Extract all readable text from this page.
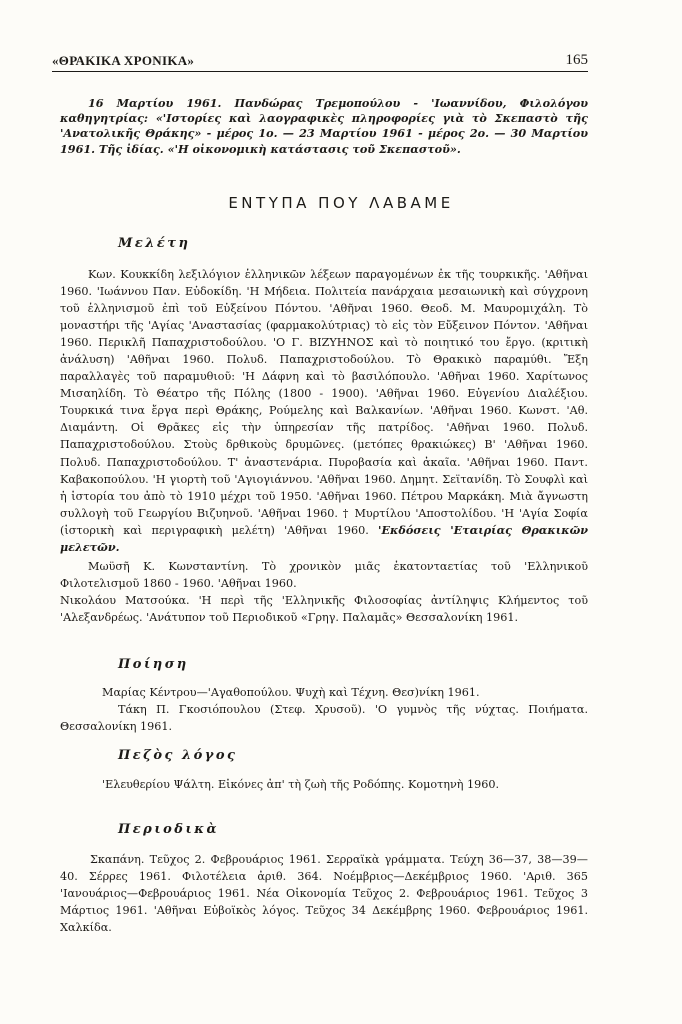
«ΘΡΑΚΙΚΑ ΧΡΟΝΙΚΑ»	165

16 Μαρτίου 1961. Πανδώρας Τρεμοπούλου - 'Ιωαννίδου, Φιλολόγου καθηγητρίας: «'Ιστορίες καὶ λαογραφικὲς πληροφορίες γιὰ τὸ Σκεπαστὸ τῆς 'Ανατολικῆς Θράκης» - μέρος 1ο. — 23 Μαρτίου 1961 - μέρος 2ο. — 30 Μαρτίου 1961. Τῆς ἰδίας. «'Η οἰκονομικὴ κατάστασις τοῦ Σκεπαστοῦ».

ΕΝΤΥΠΑ ΠΟΥ ΛΑΒΑΜΕ
Μελέτη

Κων. Κουκκίδη λεξιλόγιον ἑλληνικῶν λέξεων παραγομένων ἐκ τῆς τουρκικῆς. 'Αθῆναι 1960. 'Ιωάννου Παν. Εὐδοκίδη. 'Η Μήδεια. Πολιτεία πανάρχαια μεσαιωνικὴ καὶ σύγχρονη τοῦ ἑλληνισμοῦ ἐπὶ τοῦ Εὐξείνου Πόντου. 'Αθῆναι 1960. Θεοδ. Μ. Μαυρομιχάλη. Τὸ μοναστήρι τῆς 'Αγίας 'Αναστασίας (φαρμακολύτριας) τὸ εἰς τὸν Εὔξεινον Πόντον. 'Αθῆναι 1960. Περικλῆ Παπαχριστοδούλου. 'Ο Γ. ΒΙΖΥΗΝΟΣ καὶ τὸ ποιητικό του ἔργο. (κριτικὴ ἀνάλυση) 'Αθῆναι 1960. Πολυδ. Παπαχριστοδούλου. Τὸ Θρακικὸ παραμύθι. Ἔξη παραλλαγὲς τοῦ παραμυθιοῦ: 'Η Δάφνη καὶ τὸ βασιλόπουλο. 'Αθῆναι 1960. Χαρίτωνος Μισαηλίδη. Τὸ Θέατρο τῆς Πόλης (1800 - 1900). 'Αθῆναι 1960. Εὐγενίου Διαλέξιου. Τουρκικά τινα ἔργα περὶ Θράκης, Ρούμελης καὶ Βαλκανίων. 'Αθῆναι 1960. Κωνστ. 'Αθ. Διαμάντη. Οἱ Θρᾶκες εἰς τὴν ὑπηρεσίαν τῆς πατρίδος. 'Αθῆναι 1960. Πολυδ. Παπαχριστοδούλου. Στοὺς δρθικοὺς δρυμῶνες. (μετόπες θρακιώκες) Β' 'Αθῆναι 1960. Πολυδ. Παπαχριστοδούλου. Τ' ἀναστενάρια. Πυροβασία καὶ ἀκαῖα. 'Αθῆναι 1960. Παντ. Καβακοπούλου. 'Η γιορτὴ τοῦ 'Αγιογιάννου. 'Αθῆναι 1960. Δημητ. Σεϊτανίδη. Τὸ Σουφλὶ καὶ ἡ ἱστορία του ἀπὸ τὸ 1910 μέχρι τοῦ 1950. 'Αθῆναι 1960. Πέτρου Μαρκάκη. Μιὰ ἄγνωστη συλλογὴ τοῦ Γεωργίου Βιζυηνοῦ. 'Αθῆναι 1960. † Μυρτίλου 'Αποστολίδου. 'Η 'Αγία Σοφία (ἱστορικὴ καὶ περιγραφικὴ μελέτη) 'Αθῆναι 1960. 'Εκδόσεις 'Εταιρίας Θρακικῶν μελετῶν.

Μωϋσῆ Κ. Κωνσταντίνη. Τὸ χρονικὸν μιᾶς ἑκατονταετίας τοῦ 'Ελληνικοῦ Φιλοτελισμοῦ 1860 - 1960. 'Αθῆναι 1960.

Νικολάου Ματσούκα. 'Η περὶ τῆς 'Ελληνικῆς Φιλοσοφίας ἀντίληψις Κλήμεντος τοῦ 'Αλεξανδρέως. 'Ανάτυπον τοῦ Περιοδικοῦ «Γρηγ. Παλαμᾶς» Θεσσαλονίκη 1961.

Ποίηση

Μαρίας Κέντρου—'Αγαθοπούλου. Ψυχὴ καὶ Τέχνη. Θεσ)νίκη 1961.

Τάκη Π. Γκοσιόπουλου (Στεφ. Χρυσοῦ). 'Ο γυμνὸς τῆς νύχτας. Ποιήματα. Θεσσαλονίκη 1961.

Πεζὸς λόγος

'Ελευθερίου Ψάλτη. Εἰκόνες ἀπ' τὴ ζωὴ τῆς Ροδόπης. Κομοτηνὴ 1960.

Περιοδικὰ

Σκαπάνη. Τεῦχος 2. Φεβρουάριος 1961. Σερραϊκὰ γράμματα. Τεύχη 36—37, 38—39—40. Σέρρες 1961. Φιλοτέλεια ἀριθ. 364. Νοέμβριος—Δεκέμβριος 1960. 'Αριθ. 365 'Ιανουάριος—Φεβρουάριος 1961. Νέα Οἰκονομία Τεῦχος 2. Φεβρουάριος 1961. Τεῦχος 3 Μάρτιος 1961. 'Αθῆναι Εὐβοϊκὸς λόγος. Τεῦχος 34 Δεκέμβρης 1960. Φεβρουάριος 1961. Χαλκίδα.
